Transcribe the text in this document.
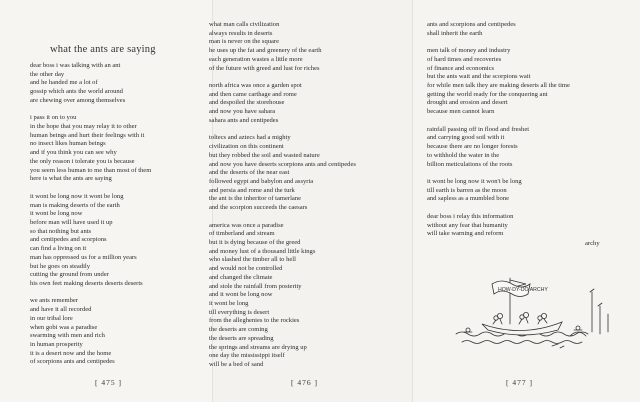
what the ants are saying
dear boss i was talking with an ant
the other day
and he handed me a lot of
gossip which ants the world around
are chewing over among themselves
i pass it on to you
in the hope that you may relay it to other
human beings and hurt their feelings with it
no insect likes human beings
and if you think you can see why
the only reason i tolerate you is because
you seem less human to me than most of them
here is what the ants are saying
it wont be long now it wont be long
man is making deserts of the earth
it wont be long now
before man will have used it up
so that nothing but ants
and centipedes and scorpions
can find a living on it
man has oppressed us for a million years
but he goes on steadily
cutting the ground from under
his own feet making deserts deserts deserts
we ants remember
and have it all recorded
in our tribal lore
when gobi was a paradise
swarming with men and rich
in human prosperity
it is a desert now and the home
of scorpions ants and centipedes
what man calls civilization
always results in deserts
man is never on the square
he uses up the fat and greenery of the earth
each generation wastes a little more
of the future with greed and lust for riches
north africa was once a garden spot
and then came carthage and rome
and despoiled the storehouse
and now you have sahara
sahara ants and centipedes
toltecs and aztecs had a mighty
civilization on this continent
but they robbed the soil and wasted nature
and now you have deserts scorpions ants and centipedes
and the deserts of the near east
followed egypt and babylon and assyria
and persia and rome and the turk
the ant is the inheritor of tamerlane
and the scorpion succeeds the caesars
america was once a paradise
of timberland and stream
but it is dying because of the greed
and money lust of a thousand little kings
who slashed the timber all to hell
and would not be controlled
and changed the climate
and stole the rainfall from posterity
and it wont be long now
it wont be long
till everything is desert
from the alleghenies to the rockies
the deserts are coming
the deserts are spreading
the springs and streams are drying up
one day the mississippi itself
will be a bed of sand
ants and scorpions and centipedes
shall inherit the earth
men talk of money and industry
of hard times and recoveries
of finance and economics
but the ants wait and the scorpions wait
for while men talk they are making deserts all the time
getting the world ready for the conquering ant
drought and erosion and desert
because men cannot learn
rainfall passing off in flood and freshet
and carrying good soil with it
because there are no longer forests
to withhold the water in the
billion meticulations of the roots
it wont be long now it won't be long
till earth is barren as the moon
and sapless as a mumbled bone
dear boss i relay this information
without any fear that humanity
will take warning and reform
archy
HOW-DY-DO ARCHY
[ 475 ]	[ 476 ]	[ 477 ]
